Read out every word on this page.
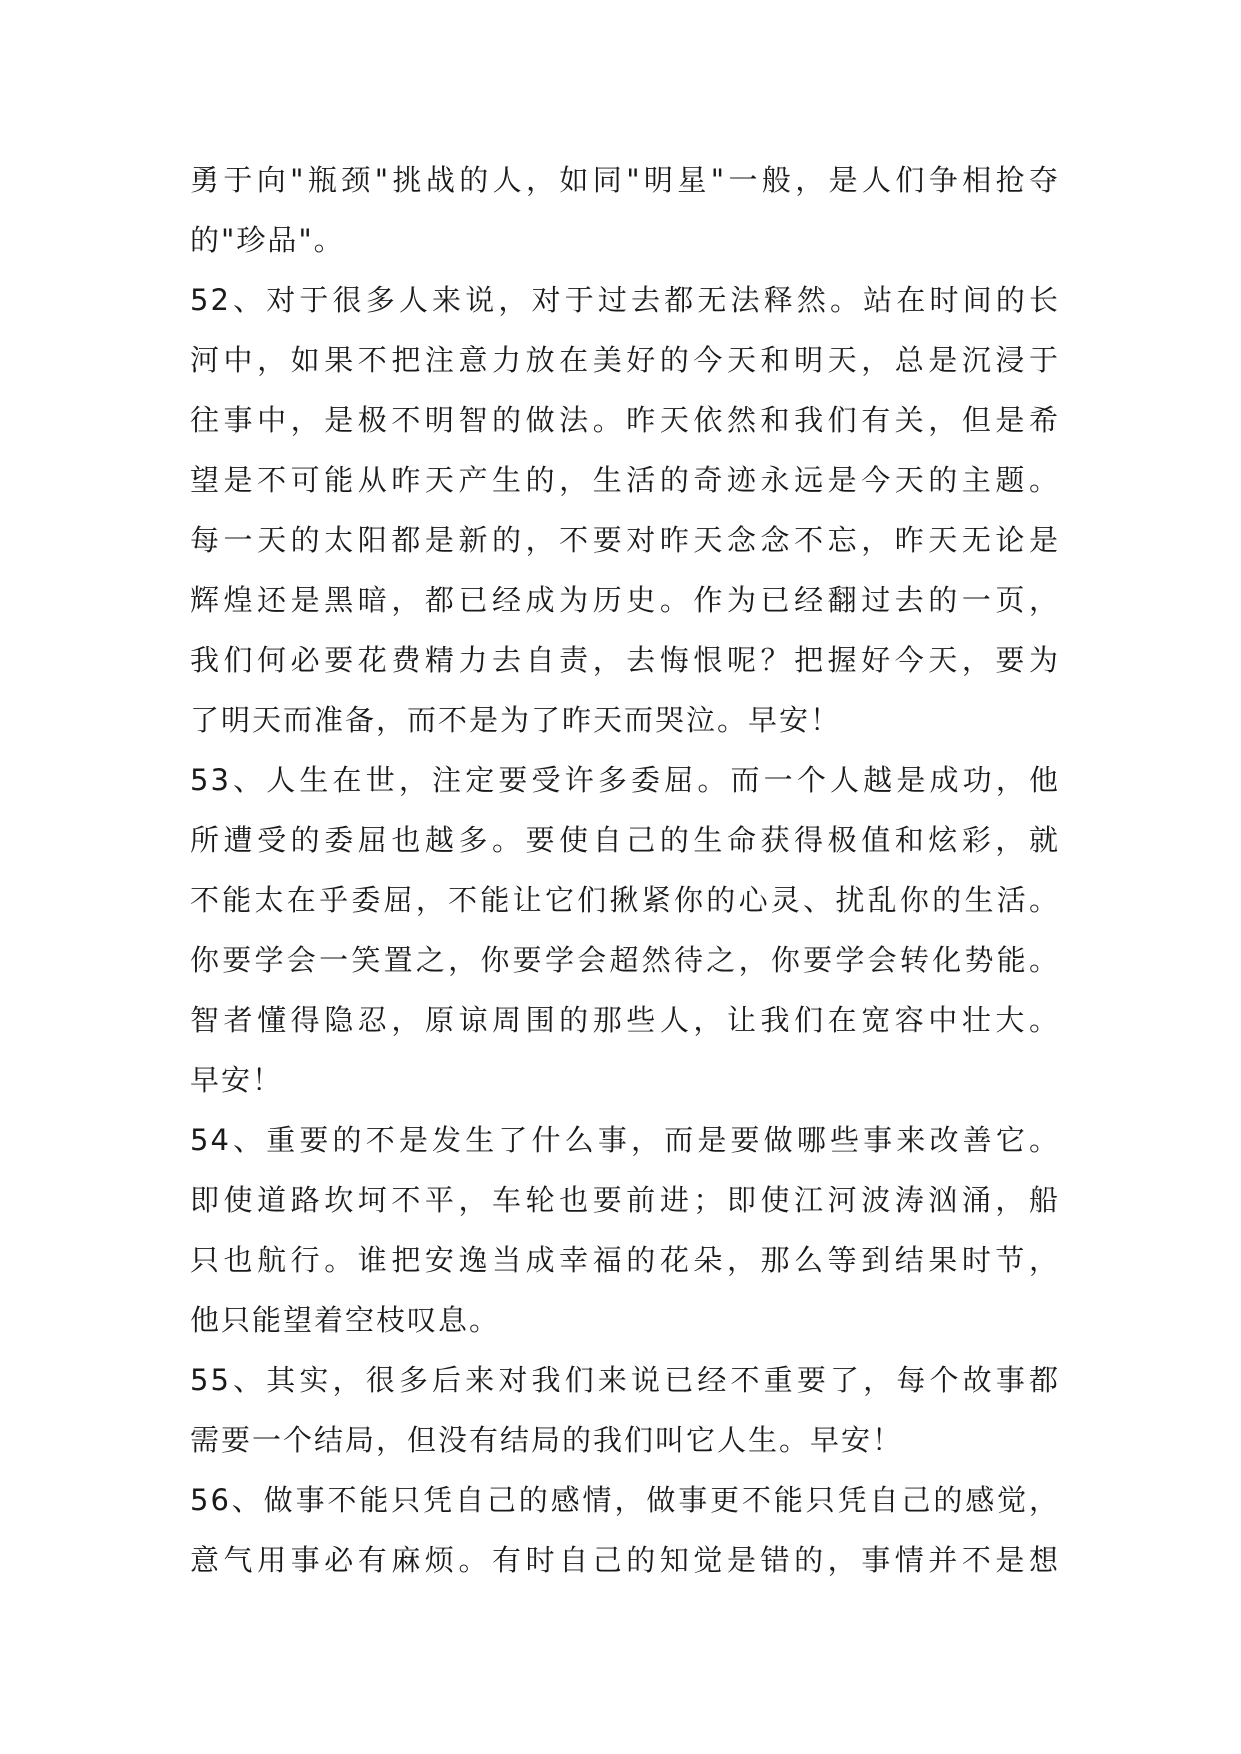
勇于向"瓶颈"挑战的人，如同"明星"一般，是人们争相抢夺
的"珍品"。
52、对于很多人来说，对于过去都无法释然。站在时间的长
河中，如果不把注意力放在美好的今天和明天，总是沉浸于
往事中，是极不明智的做法。昨天依然和我们有关，但是希
望是不可能从昨天产生的，生活的奇迹永远是今天的主题。
每一天的太阳都是新的，不要对昨天念念不忘，昨天无论是
辉煌还是黑暗，都已经成为历史。作为已经翻过去的一页，
我们何必要花费精力去自责，去悔恨呢？把握好今天，要为
了明天而准备，而不是为了昨天而哭泣。早安！
53、人生在世，注定要受许多委屈。而一个人越是成功，他
所遭受的委屈也越多。要使自己的生命获得极值和炫彩，就
不能太在乎委屈，不能让它们揪紧你的心灵、扰乱你的生活。
你要学会一笑置之，你要学会超然待之，你要学会转化势能。
智者懂得隐忍，原谅周围的那些人，让我们在宽容中壮大。
早安！
54、重要的不是发生了什么事，而是要做哪些事来改善它。
即使道路坎坷不平，车轮也要前进；即使江河波涛汹涌，船
只也航行。谁把安逸当成幸福的花朵，那么等到结果时节，
他只能望着空枝叹息。
55、其实，很多后来对我们来说已经不重要了，每个故事都
需要一个结局，但没有结局的我们叫它人生。早安！
56、做事不能只凭自己的感情，做事更不能只凭自己的感觉，
意气用事必有麻烦。有时自己的知觉是错的，事情并不是想
